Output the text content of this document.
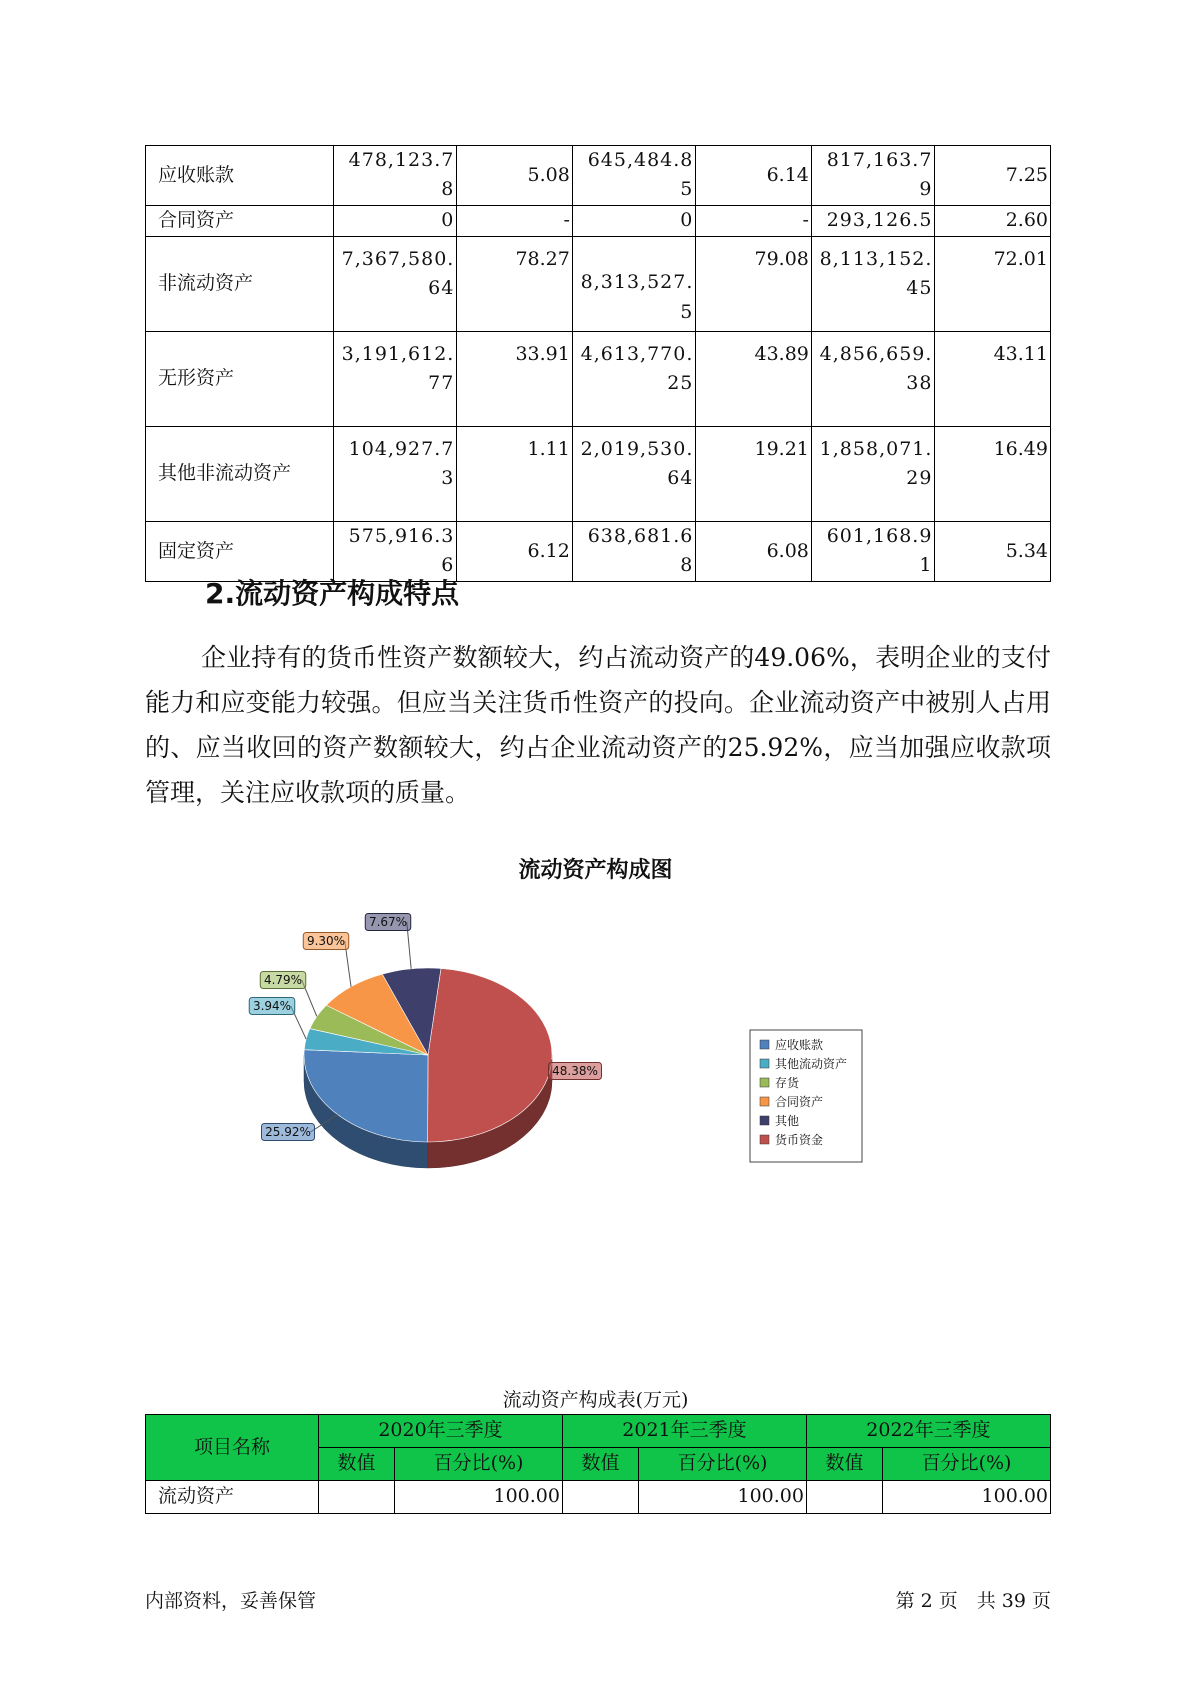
应收账款	478,123.78	5.08	645,484.85	6.14	817,163.79	7.25
合同资产	0	-	0	-	293,126.5	2.60
非流动资产	7,367,580.64	78.27	8,313,527.5	79.08	8,113,152.45	72.01
无形资产	3,191,612.77	33.91	4,613,770.25	43.89	4,856,659.38	43.11
其他非流动资产	104,927.73	1.11	2,019,530.64	19.21	1,858,071.29	16.49
固定资产	575,916.36	6.12	638,681.68	6.08	601,168.91	5.34
2.流动资产构成特点

企业持有的货币性资产数额较大，约占流动资产的49.06%，表明企业的支付能力和应变能力较强。但应当关注货币性资产的投向。企业流动资产中被别人占用的、应当收回的资产数额较大，约占企业流动资产的25.92%，应当加强应收款项管理，关注应收款项的质量。

流动资产构成图
48.38%
25.92%
3.94%
4.79%
9.30%
7.67%
应收账款
其他流动资产
存货
合同资产
其他
货币资金
流动资产构成表(万元)
项目名称	2020年三季度		2021年三季度		2022年三季度	
	数值	百分比(%)	数值	百分比(%)	数值	百分比(%)
流动资产		100.00		100.00		100.00
内部资料，妥善保管	第 2 页　共 39 页
